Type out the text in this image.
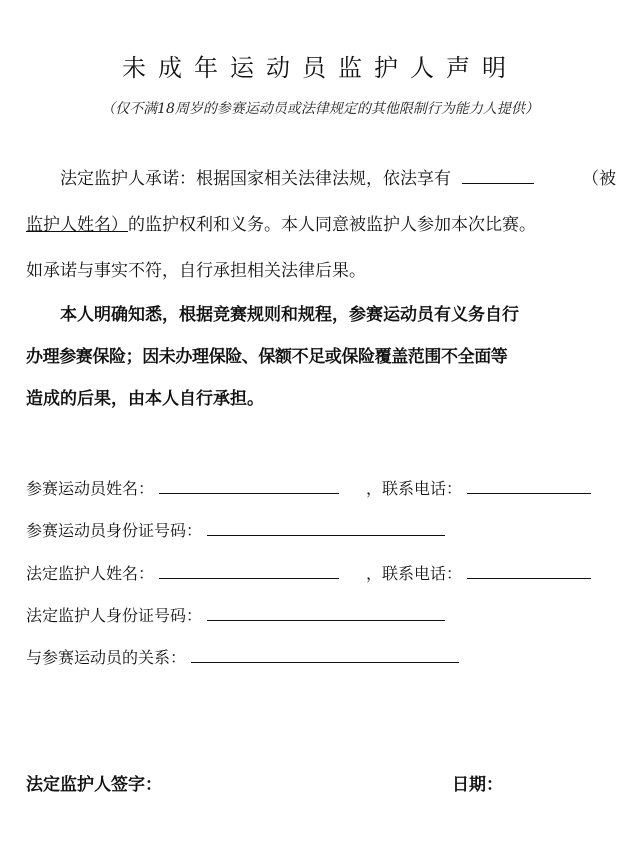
未成年运动员监护人声明
（仅不满18周岁的参赛运动员或法律规定的其他限制行为能力人提供）
法定监护人承诺：根据国家相关法律法规，依法享有	（被
监护人姓名）的监护权利和义务。本人同意被监护人参加本次比赛。
如承诺与事实不符，自行承担相关法律后果。
本人明确知悉，根据竞赛规则和规程，参赛运动员有义务自行
办理参赛保险；因未办理保险、保额不足或保险覆盖范围不全面等
造成的后果，由本人自行承担。
参赛运动员姓名：	，联系电话：
参赛运动员身份证号码：
法定监护人姓名：	，联系电话：
法定监护人身份证号码：
与参赛运动员的关系：
法定监护人签字：	日期：
